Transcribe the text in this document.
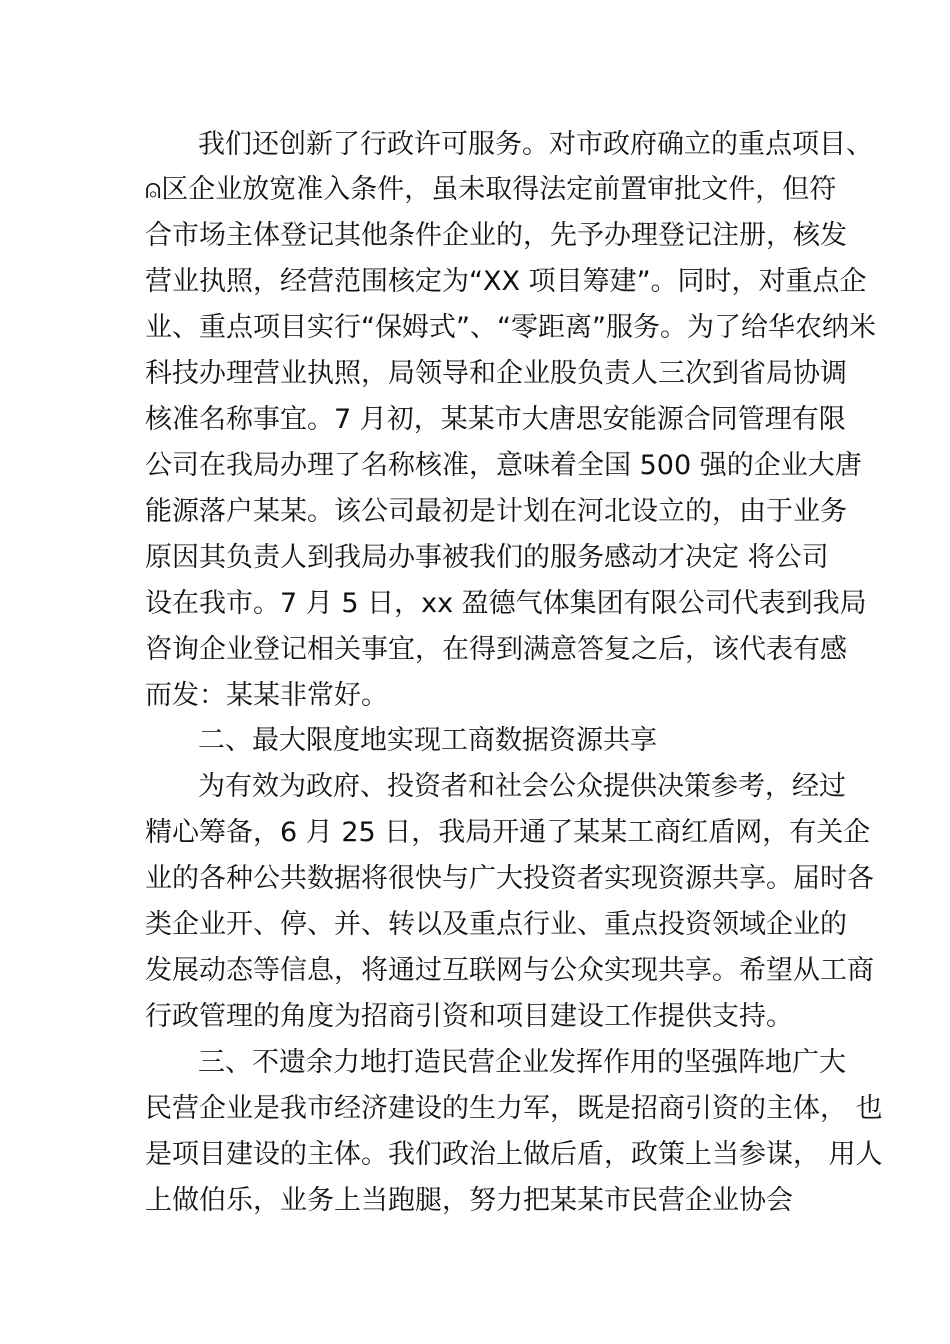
我们还创新了行政许可服务。对市政府确立的重点项目、
⍝区企业放宽准入条件，虽未取得法定前置审批文件，但符
合市场主体登记其他条件企业的，先予办理登记注册，核发
营业执照，经营范围核定为“XX 项目筹建”。同时，对重点企
业、重点项目实行“保姆式”、“零距离”服务。为了给华农纳米
科技办理营业执照，局领导和企业股负责人三次到省局协调
核准名称事宜。7 月初，某某市大唐思安能源合同管理有限
公司在我局办理了名称核准，意味着全国 500 强的企业大唐
能源落户某某。该公司最初是计划在河北设立的，由于业务
原因其负责人到我局办事被我们的服务感动才决定 将公司
设在我市。7 月 5 日，xx 盈德气体集团有限公司代表到我局
咨询企业登记相关事宜，在得到满意答复之后，该代表有感
而发：某某非常好。
二、最大限度地实现工商数据资源共享
为有效为政府、投资者和社会公众提供决策参考，经过
精心筹备，6 月 25 日，我局开通了某某工商红盾网，有关企
业的各种公共数据将很快与广大投资者实现资源共享。届时各
类企业开、停、并、转以及重点行业、重点投资领域企业的
发展动态等信息，将通过互联网与公众实现共享。希望从工商
行政管理的角度为招商引资和项目建设工作提供支持。
三、不遗余力地打造民营企业发挥作用的坚强阵地广大
民营企业是我市经济建设的生力军，既是招商引资的主体， 也
是项目建设的主体。我们政治上做后盾，政策上当参谋， 用人
上做伯乐，业务上当跑腿，努力把某某市民营企业协会
